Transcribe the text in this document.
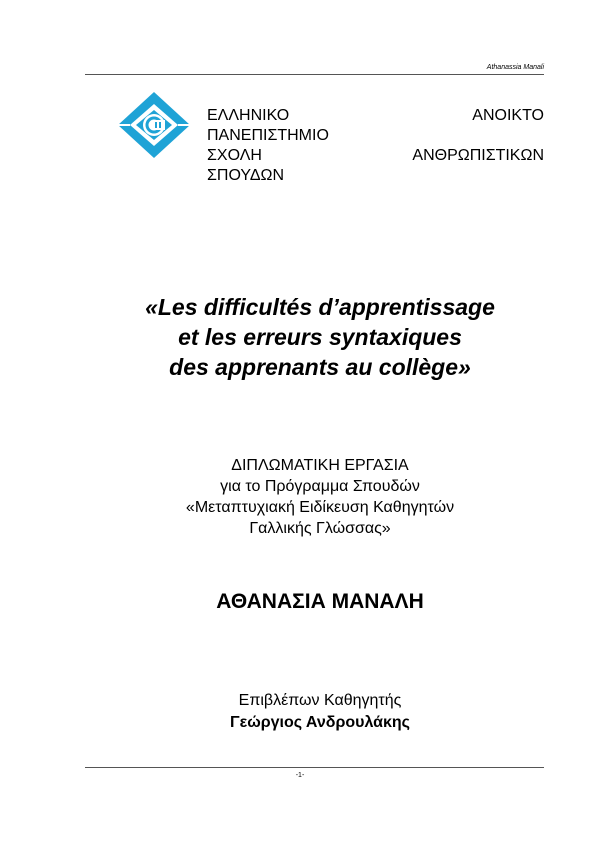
Athanassia Manali
ΕΛΛΗΝΙΚΟ	ΑΝΟΙΚΤΟ
ΠΑΝΕΠΙΣΤΗΜΙΟ
ΣΧΟΛΗ	ΑΝΘΡΩΠΙΣΤΙΚΩΝ
ΣΠΟΥΔΩΝ
«Les difficultés d’apprentissage
et les erreurs syntaxiques
des apprenants au collège»
ΔΙΠΛΩΜΑΤΙΚΗ ΕΡΓΑΣΙΑ
για το Πρόγραμμα Σπουδών
«Μεταπτυχιακή Ειδίκευση Καθηγητών
Γαλλικής Γλώσσας»
ΑΘΑΝΑΣΙΑ ΜΑΝΑΛΗ
Επιβλέπων Καθηγητής
Γεώργιος Ανδρουλάκης
-1-
